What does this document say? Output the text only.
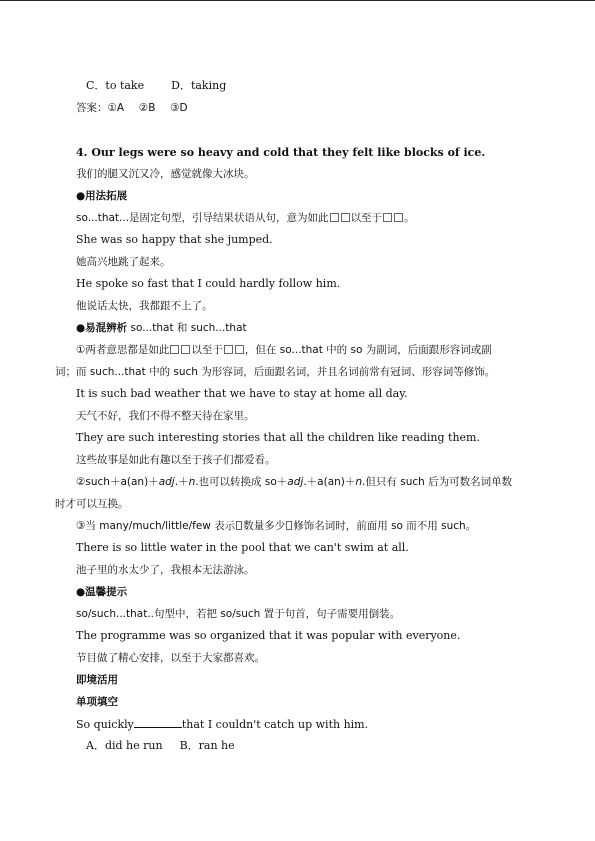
C．to take D．taking
答案：①A ②B ③D
4. Our legs were so heavy and cold that they felt like blocks of ice.
我们的腿又沉又冷，感觉就像大冰块。
●用法拓展
so...that...是固定句型，引导结果状语从句，意为如此 以至于 。
She was so happy that she jumped.
她高兴地跳了起来。
He spoke so fast that I could hardly follow him.
他说话太快，我都跟不上了。
●易混辨析 so...that 和 such...that
①两者意思都是如此 以至于 ，但在 so...that 中的 so 为副词，后面跟形容词或副
词；而 such...that 中的 such 为形容词，后面跟名词，并且名词前常有冠词、形容词等修饰。
It is such bad weather that we have to stay at home all day.
天气不好，我们不得不整天待在家里。
They are such interesting stories that all the children like reading them.
这些故事是如此有趣以至于孩子们都爱看。
②such＋a(an)＋adj.＋n.也可以转换成 so＋adj.＋a(an)＋n.但只有 such 后为可数名词单数
时才可以互换。
③当 many/much/little/few 表示 数量多少 修饰名词时，前面用 so 而不用 such。
There is so little water in the pool that we can't swim at all.
池子里的水太少了，我根本无法游泳。
●温馨提示
so/such...that..句型中，若把 so/such 置于句首，句子需要用倒装。
The programme was so organized that it was popular with everyone.
节目做了精心安排，以至于大家都喜欢。
即境活用
单项填空
So quickly	that I couldn't catch up with him.
A．did he run B．ran he
